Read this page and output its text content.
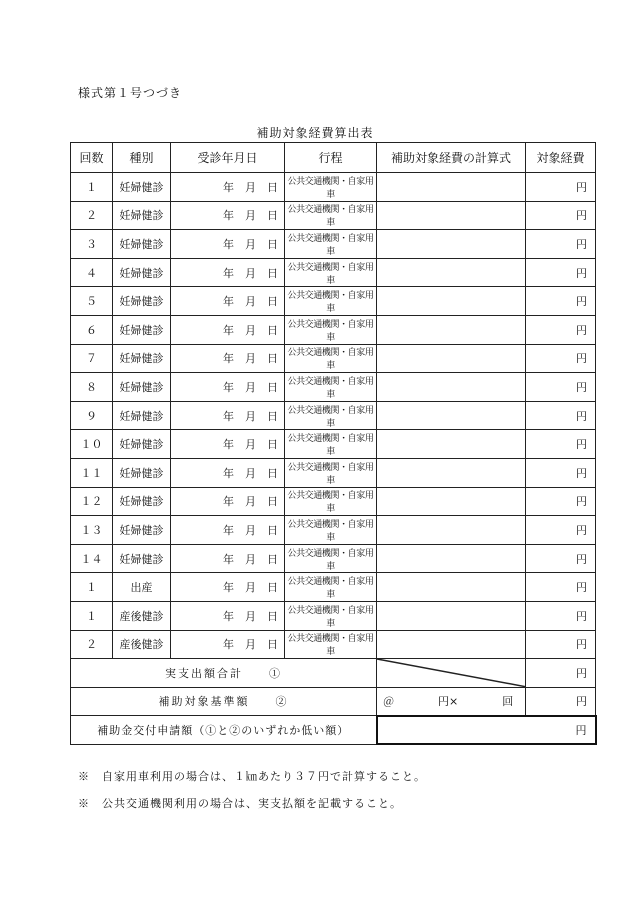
様式第１号つづき
補助対象経費算出表
回数	種別	受診年月日	行程	補助対象経費の計算式	対象経費
１	妊婦健診	年　月　日	公共交通機関・自家用車		円
２	妊婦健診	年　月　日	公共交通機関・自家用車		円
３	妊婦健診	年　月　日	公共交通機関・自家用車		円
４	妊婦健診	年　月　日	公共交通機関・自家用車		円
５	妊婦健診	年　月　日	公共交通機関・自家用車		円
６	妊婦健診	年　月　日	公共交通機関・自家用車		円
７	妊婦健診	年　月　日	公共交通機関・自家用車		円
８	妊婦健診	年　月　日	公共交通機関・自家用車		円
９	妊婦健診	年　月　日	公共交通機関・自家用車		円
１０	妊婦健診	年　月　日	公共交通機関・自家用車		円
１１	妊婦健診	年　月　日	公共交通機関・自家用車		円
１２	妊婦健診	年　月　日	公共交通機関・自家用車		円
１３	妊婦健診	年　月　日	公共交通機関・自家用車		円
１４	妊婦健診	年　月　日	公共交通機関・自家用車		円
１	出産	年　月　日	公共交通機関・自家用車		円
１	産後健診	年　月　日	公共交通機関・自家用車		円
２	産後健診	年　月　日	公共交通機関・自家用車		円
実支出額合計　　①					円
補助対象基準額　　②				＠　　　　円×　　　　回	円
補助金交付申請額（①と②のいずれか低い額）				円	
※　自家用車利用の場合は、１㎞あたり３７円で計算すること。
※　公共交通機関利用の場合は、実支払額を記載すること。
